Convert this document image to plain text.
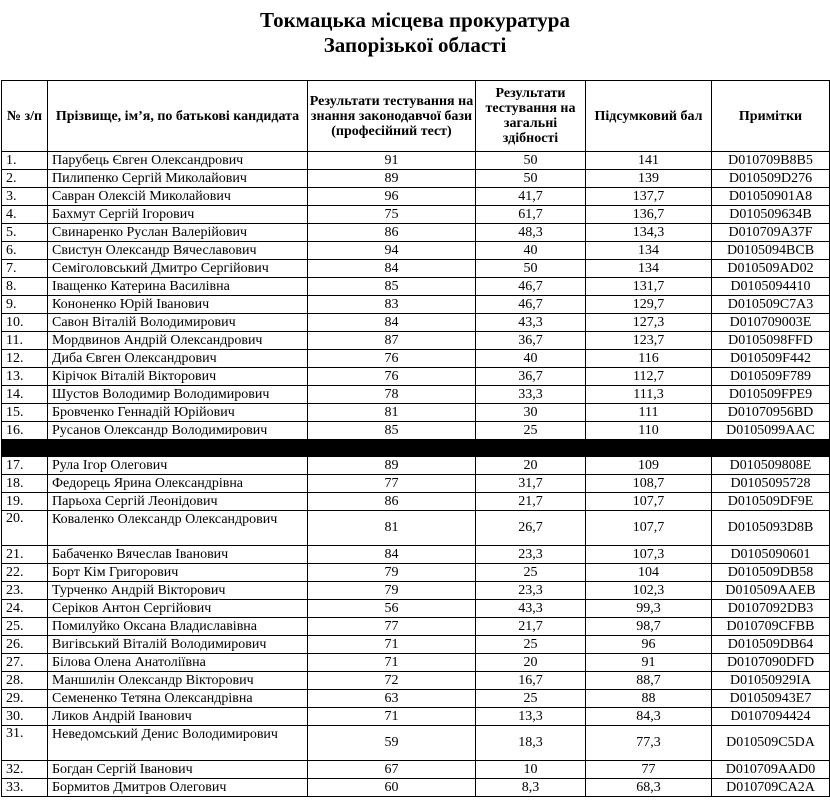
Токмацька місцева прокуратура
Запорізької області
№ з/п	Прізвище, ім’я, по батькові кандидата	Результати тестування на знання законодавчої бази (професійний тест)	Результати тестування на загальні здібності	Підсумковий бал	Примітки
1.	Парубець Євген Олександрович	91	50	141	D010709B8B5
2.	Пилипенко Сергій Миколайович	89	50	139	D010509D276
3.	Савран Олексій Миколайович	96	41,7	137,7	D01050901A8
4.	Бахмут Сергій Ігорович	75	61,7	136,7	D010509634B
5.	Свинаренко Руслан Валерійович	86	48,3	134,3	D010709A37F
6.	Свистун Олександр Вячеславович	94	40	134	D0105094BCB
7.	Семіголовський Дмитро Сергійович	84	50	134	D010509AD02
8.	Іващенко Катерина Василівна	85	46,7	131,7	D0105094410
9.	Кононенко Юрій Іванович	83	46,7	129,7	D010509C7A3
10.	Савон Віталій Володимирович	84	43,3	127,3	D010709003E
11.	Мордвинов Андрій Олександрович	87	36,7	123,7	D0105098FFD
12.	Диба Євген Олександрович	76	40	116	D010509F442
13.	Кірічок Віталій Вікторович	76	36,7	112,7	D010509F789
14.	Шустов Володимир Володимирович	78	33,3	111,3	D010509FPE9
15.	Бровченко Геннадій Юрійович	81	30	111	D01070956BD
16.	Русанов Олександр Володимирович	85	25	110	D0105099AAC

17.	Рула Ігор Олегович	89	20	109	D010509808E
18.	Федорець Ярина Олександрівна	77	31,7	108,7	D0105095728
19.	Парьоха Сергій Леонідович	86	21,7	107,7	D010509DF9E
20.	Коваленко Олександр Олександрович	81	26,7	107,7	D0105093D8B
21.	Бабаченко Вячеслав Іванович	84	23,3	107,3	D0105090601
22.	Борт Кім Григорович	79	25	104	D010509DB58
23.	Турченко Андрій Вікторович	79	23,3	102,3	D010509AAEB
24.	Серіков Антон Сергійович	56	43,3	99,3	D0107092DB3
25.	Помилуйко Оксана Владиславівна	77	21,7	98,7	D010709CFBB
26.	Вигівський Віталій Володимирович	71	25	96	D010509DB64
27.	Білова Олена Анатоліївна	71	20	91	D0107090DFD
28.	Маншилін Олександр Вікторович	72	16,7	88,7	D01050929IA
29.	Семененко Тетяна Олександрівна	63	25	88	D01050943E7
30.	Ликов Андрій Іванович	71	13,3	84,3	D0107094424
31.	Неведомський Денис Володимирович	59	18,3	77,3	D010509C5DA
32.	Богдан Сергій Іванович	67	10	77	D010709AAD0
33.	Бормитов Дмитров Олегович	60	8,3	68,3	D010709CA2A
